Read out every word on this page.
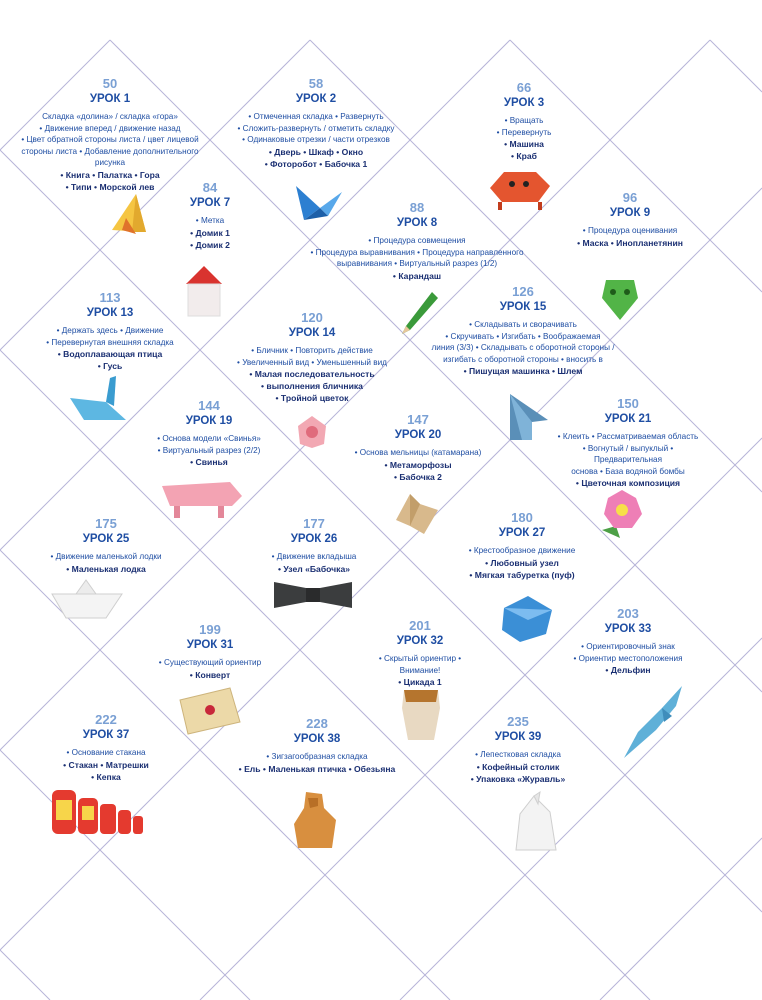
50
УРОК 1
Складка «долина» / складка «гора»
• Движение вперед / движение назад
• Цвет обратной стороны листа / цвет лицевой
стороны листа • Добавление дополнительного
рисунка
• Книга • Палатка • Гора
• Типи • Морской лев
58
УРОК 2
• Отмеченная складка • Развернуть
• Сложить-развернуть / отметить складку
• Одинаковые отрезки / части отрезков
• Дверь • Шкаф • Окно
• Фоторобот • Бабочка 1
66
УРОК 3
• Вращать
• Перевернуть
• Машина
• Краб
84
УРОК 7
• Метка
• Домик 1
• Домик 2
88
УРОК 8
• Процедура совмещения
• Процедура выравнивания • Процедура направленного
выравнивания • Виртуальный разрез (1/2)
• Карандаш
96
УРОК 9
• Процедура оценивания
• Маска • Инопланетянин
113
УРОК 13
• Держать здесь • Движение
• Перевернутая внешняя складка
• Водоплавающая птица
• Гусь
120
УРОК 14
• Бличник • Повторить действие
• Увеличенный вид • Уменьшенный вид
• Малая последовательность
• выполнения бличника
• Тройной цветок
126
УРОК 15
• Складывать и сворачивать
• Скручивать • Изгибать • Воображаемая
линия (3/3) • Складывать с оборотной стороны /
изгибать с оборотной стороны • вносить в
• Пишущая машинка • Шлем
144
УРОК 19
• Основа модели «Свинья»
• Виртуальный разрез (2/2)
• Свинья
147
УРОК 20
• Основа мельницы (катамарана)
• Метаморфозы
• Бабочка 2
150
УРОК 21
• Клеить • Рассматриваемая область
• Вогнутый / выпуклый • Предварительная
основа • База водяной бомбы
• Цветочная композиция
175
УРОК 25
• Движение маленькой лодки
• Маленькая лодка
177
УРОК 26
• Движение вкладыша
• Узел «Бабочка»
180
УРОК 27
• Крестообразное движение
• Любовный узел
• Мягкая табуретка (пуф)
199
УРОК 31
• Существующий ориентир
• Конверт
201
УРОК 32
• Скрытый ориентир • Внимание!
• Цикада 1
203
УРОК 33
• Ориентировочный знак
• Ориентир местоположения
• Дельфин
222
УРОК 37
• Основание стакана
• Стакан • Матрешки
• Кепка
228
УРОК 38
• Зигзагообразная складка
• Ель • Маленькая птичка • Обезьяна
235
УРОК 39
• Лепестковая складка
• Кофейный столик
• Упаковка «Журавль»
